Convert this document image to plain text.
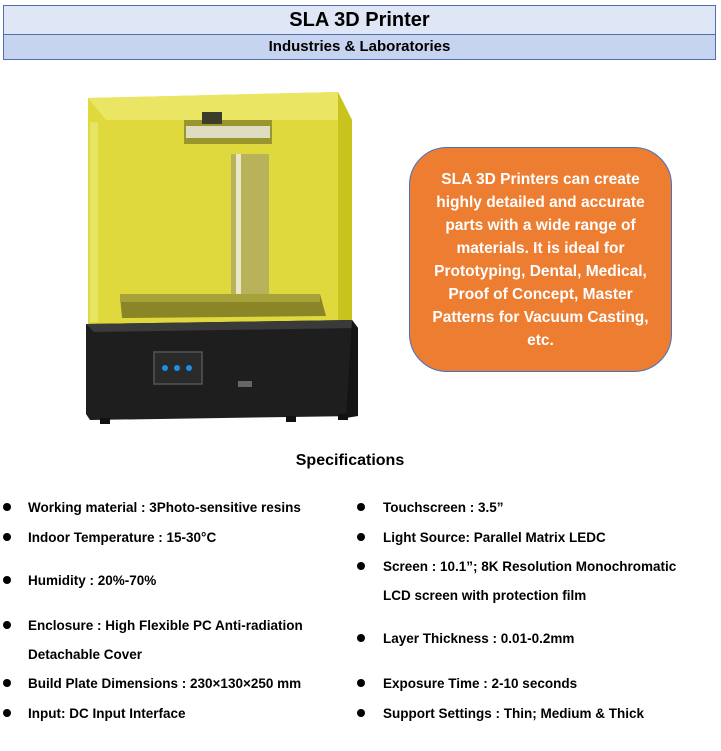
SLA 3D Printer
Industries & Laboratories
SLA 3D Printers can create highly detailed and accurate parts with a wide range of materials. It is ideal for Prototyping, Dental, Medical, Proof of Concept, Master Patterns for Vacuum Casting, etc.
Specifications
Working material : 3Photo-sensitive resins
Indoor Temperature : 15-30°C
Humidity : 20%-70%
Enclosure : High Flexible PC Anti-radiation
Detachable Cover
Build Plate Dimensions : 230×130×250 mm
Input: DC Input Interface
Touchscreen : 3.5”
Light Source: Parallel Matrix LEDC
Screen : 10.1”; 8K Resolution Monochromatic
LCD screen with protection film
Layer Thickness : 0.01-0.2mm
Exposure Time : 2-10 seconds
Support Settings : Thin; Medium & Thick
